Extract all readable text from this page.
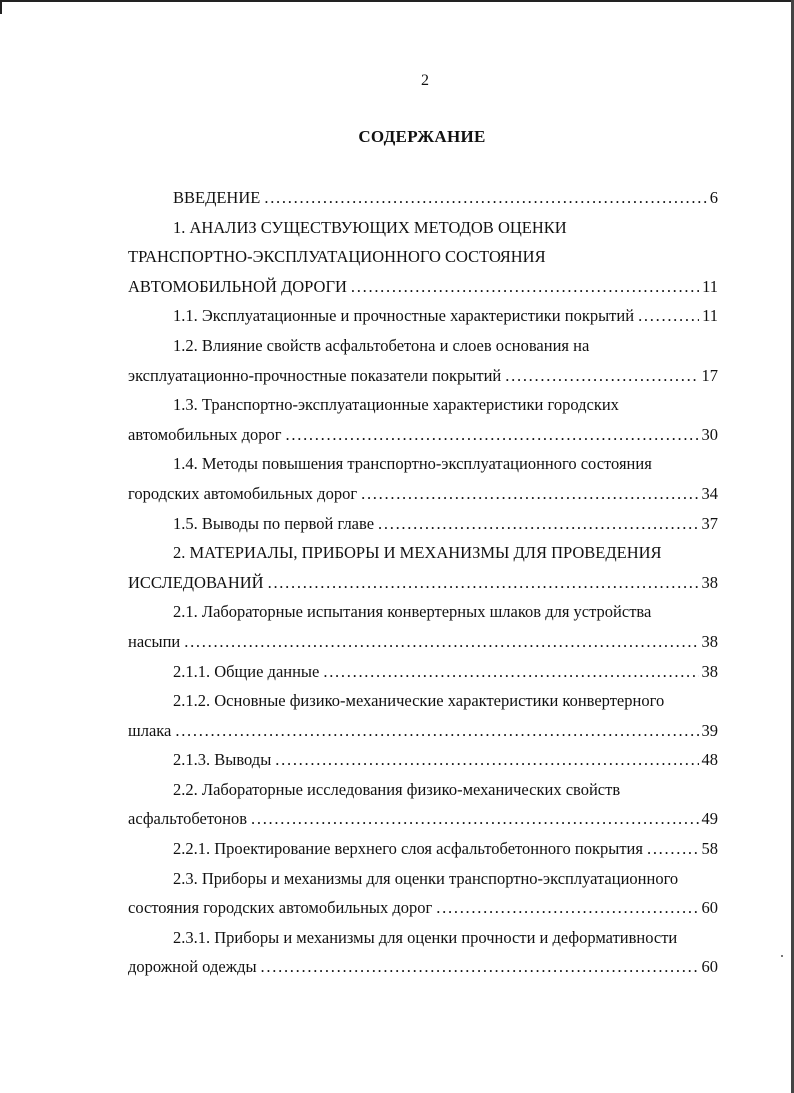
2
СОДЕРЖАНИЕ
ВВЕДЕНИЕ . . .	6
1. АНАЛИЗ СУЩЕСТВУЮЩИХ МЕТОДОВ ОЦЕНКИ
ТРАНСПОРТНО-ЭКСПЛУАТАЦИОННОГО СОСТОЯНИЯ
АВТОМОБИЛЬНОЙ ДОРОГИ . . .	11
1.1. Эксплуатационные и прочностные характеристики покрытий . . .	11
1.2. Влияние свойств асфальтобетона и слоев основания на
эксплуатационно-прочностные показатели покрытий . . .	17
1.3. Транспортно-эксплуатационные характеристики городских
автомобильных дорог . . .	30
1.4. Методы повышения транспортно-эксплуатационного состояния
городских автомобильных дорог . . .	34
1.5. Выводы по первой главе . . .	37
2. МАТЕРИАЛЫ, ПРИБОРЫ И МЕХАНИЗМЫ ДЛЯ ПРОВЕДЕНИЯ
ИССЛЕДОВАНИЙ . . .	38
2.1. Лабораторные испытания конвертерных шлаков для устройства
насыпи . . .	38
2.1.1. Общие данные . . .	38
2.1.2. Основные физико-механические характеристики конвертерного
шлака . . .	39
2.1.3. Выводы . . .	48
2.2. Лабораторные исследования физико-механических свойств
асфальтобетонов . . .	49
2.2.1. Проектирование верхнего слоя асфальтобетонного покрытия . . .	58
2.3. Приборы и механизмы для оценки транспортно-эксплуатационного
состояния городских автомобильных дорог . . .	60
2.3.1. Приборы и механизмы для оценки прочности и деформативности
дорожной одежды . . .	60
